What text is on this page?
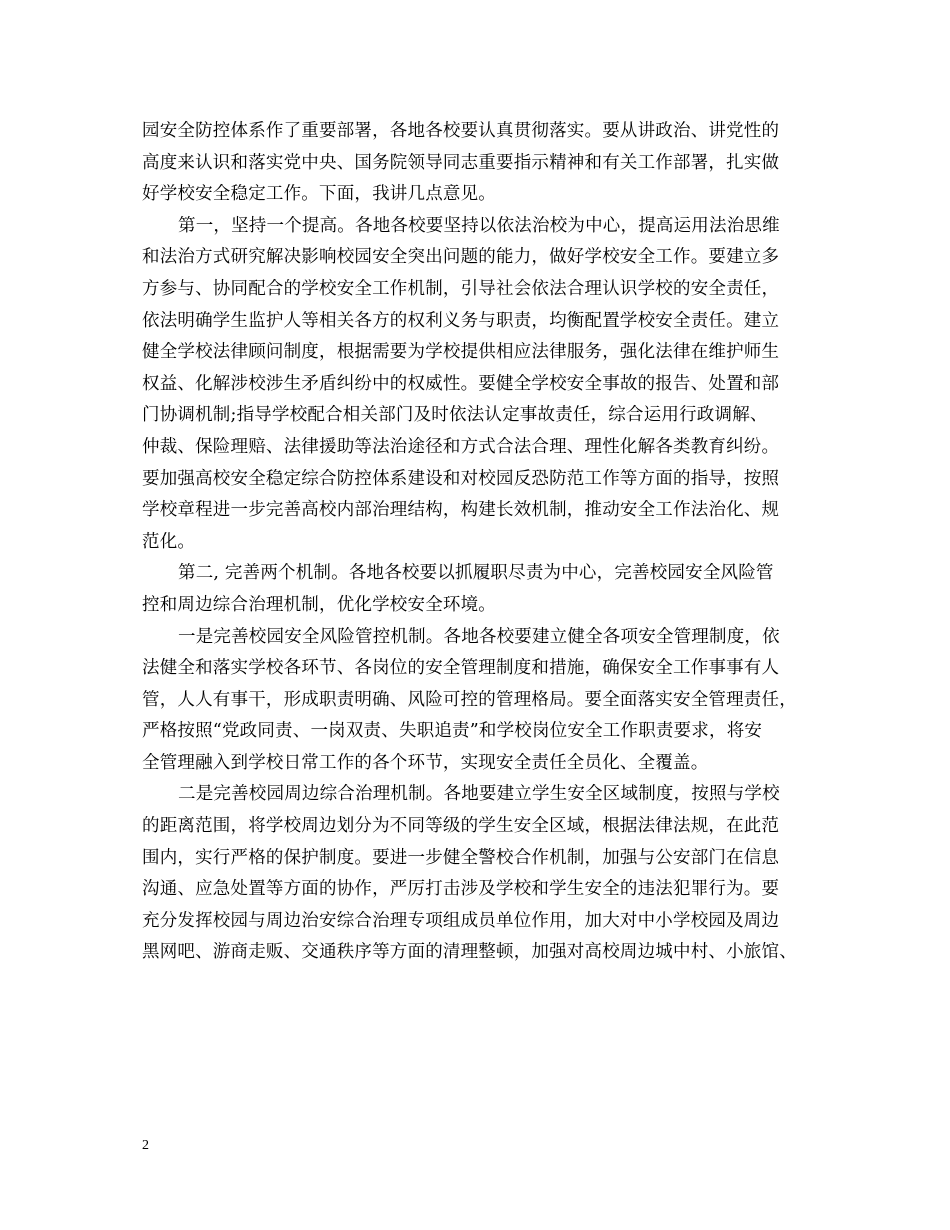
园安全防控体系作了重要部署，各地各校要认真贯彻落实。要从讲政治、讲党性的
高度来认识和落实党中央、国务院领导同志重要指示精神和有关工作部署，扎实做
好学校安全稳定工作。下面，我讲几点意见。
第一，坚持一个提高。各地各校要坚持以依法治校为中心，提高运用法治思维
和法治方式研究解决影响校园安全突出问题的能力，做好学校安全工作。要建立多
方参与、协同配合的学校安全工作机制，引导社会依法合理认识学校的安全责任，
依法明确学生监护人等相关各方的权利义务与职责，均衡配置学校安全责任。建立
健全学校法律顾问制度，根据需要为学校提供相应法律服务，强化法律在维护师生
权益、化解涉校涉生矛盾纠纷中的权威性。要健全学校安全事故的报告、处置和部
门协调机制;指导学校配合相关部门及时依法认定事故责任，综合运用行政调解、
仲裁、保险理赔、法律援助等法治途径和方式合法合理、理性化解各类教育纠纷。
要加强高校安全稳定综合防控体系建设和对校园反恐防范工作等方面的指导，按照
学校章程进一步完善高校内部治理结构，构建长效机制，推动安全工作法治化、规
范化。
第二, 完善两个机制。各地各校要以抓履职尽责为中心，完善校园安全风险管
控和周边综合治理机制，优化学校安全环境。
一是完善校园安全风险管控机制。各地各校要建立健全各项安全管理制度，依
法健全和落实学校各环节、各岗位的安全管理制度和措施，确保安全工作事事有人
管，人人有事干，形成职责明确、风险可控的管理格局。要全面落实安全管理责任，
严格按照“党政同责、一岗双责、失职追责”和学校岗位安全工作职责要求，将安
全管理融入到学校日常工作的各个环节，实现安全责任全员化、全覆盖。
二是完善校园周边综合治理机制。各地要建立学生安全区域制度，按照与学校
的距离范围，将学校周边划分为不同等级的学生安全区域，根据法律法规，在此范
围内，实行严格的保护制度。要进一步健全警校合作机制，加强与公安部门在信息
沟通、应急处置等方面的协作，严厉打击涉及学校和学生安全的违法犯罪行为。要
充分发挥校园与周边治安综合治理专项组成员单位作用，加大对中小学校园及周边
黑网吧、游商走贩、交通秩序等方面的清理整顿，加强对高校周边城中村、小旅馆、
2
